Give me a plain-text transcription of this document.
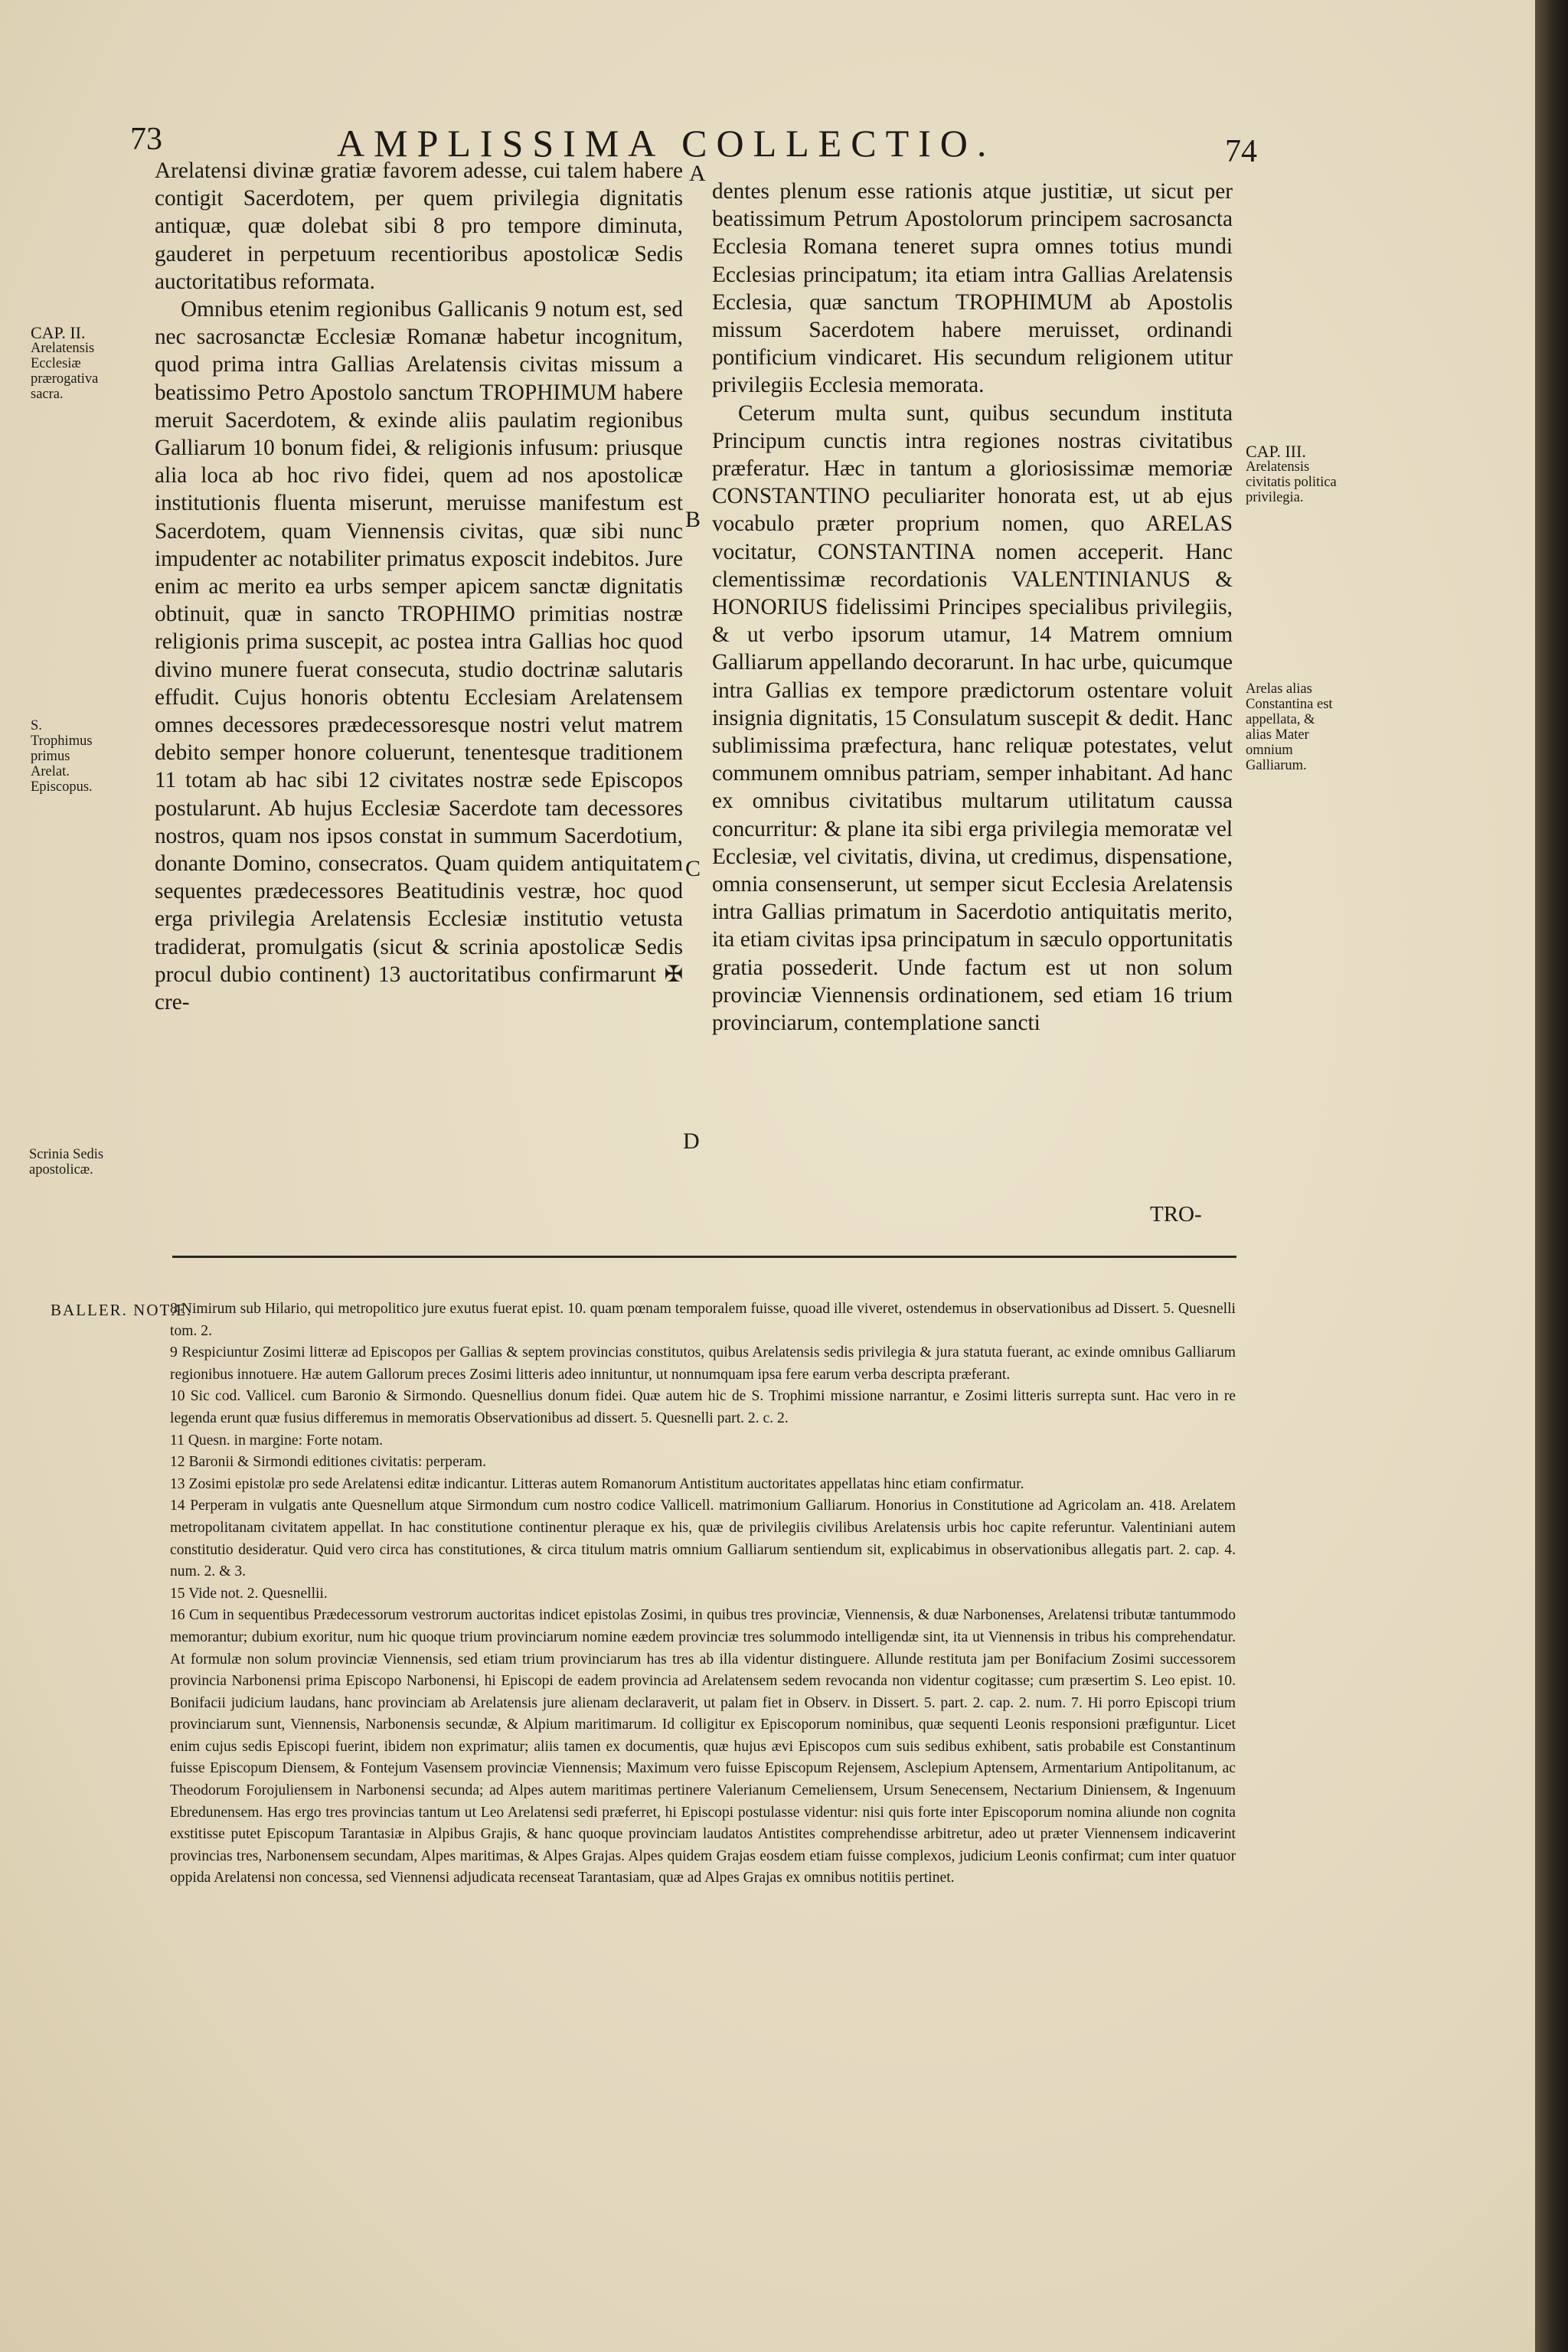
73	AMPLISSIMA COLLECTIO.	74
CAP. II.
Arelatensis Ecclesiæ prærogativa sacra.
S. Trophimus primus Arelat. Episcopus.
Scrinia Sedis apostolicæ.
CAP. III.
Arelatensis civitatis politica privilegia.
Arelas alias Constantina est appellata, & alias Mater omnium Galliarum.
A
B
C
D

Arelatensi divinæ gratiæ favorem adesse, cui talem habere contigit Sacerdotem, per quem privilegia dignitatis antiquæ, quæ dolebat sibi 8 pro tempore diminuta, gauderet in perpetuum recentioribus apostolicæ Sedis auctoritatibus reformata.

Omnibus etenim regionibus Gallicanis 9 notum est, sed nec sacrosanctæ Ecclesiæ Romanæ habetur incognitum, quod prima intra Gallias Arelatensis civitas missum a beatissimo Petro Apostolo sanctum TROPHIMUM habere meruit Sacerdotem, & exinde aliis paulatim regionibus Galliarum 10 bonum fidei, & religionis infusum: priusque alia loca ab hoc rivo fidei, quem ad nos apostolicæ institutionis fluenta miserunt, meruisse manifestum est Sacerdotem, quam Viennensis civitas, quæ sibi nunc impudenter ac notabiliter primatus exposcit indebitos. Jure enim ac merito ea urbs semper apicem sanctæ dignitatis obtinuit, quæ in sancto TROPHIMO primitias nostræ religionis prima suscepit, ac postea intra Gallias hoc quod divino munere fuerat consecuta, studio doctrinæ salutaris effudit. Cujus honoris obtentu Ecclesiam Arelatensem omnes decessores prædecessoresque nostri velut matrem debito semper honore coluerunt, tenentesque traditionem 11 totam ab hac sibi 12 civitates nostræ sede Episcopos postularunt. Ab hujus Ecclesiæ Sacerdote tam decessores nostros, quam nos ipsos constat in summum Sacerdotium, donante Domino, consecratos. Quam quidem antiquitatem sequentes prædecessores Beatitudinis vestræ, hoc quod erga privilegia Arelatensis Ecclesiæ institutio vetusta tradiderat, promulgatis (sicut & scrinia apostolicæ Sedis procul dubio continent) 13 auctoritatibus confirmarunt ✠ cre-

dentes plenum esse rationis atque justitiæ, ut sicut per beatissimum Petrum Apostolorum principem sacrosancta Ecclesia Romana teneret supra omnes totius mundi Ecclesias principatum; ita etiam intra Gallias Arelatensis Ecclesia, quæ sanctum TROPHIMUM ab Apostolis missum Sacerdotem habere meruisset, ordinandi pontificium vindicaret. His secundum religionem utitur privilegiis Ecclesia memorata.

Ceterum multa sunt, quibus secundum instituta Principum cunctis intra regiones nostras civitatibus præferatur. Hæc in tantum a gloriosissimæ memoriæ CONSTANTINO peculiariter honorata est, ut ab ejus vocabulo præter proprium nomen, quo ARELAS vocitatur, CONSTANTINA nomen acceperit. Hanc clementissimæ recordationis VALENTINIANUS & HONORIUS fidelissimi Principes specialibus privilegiis, & ut verbo ipsorum utamur, 14 Matrem omnium Galliarum appellando decorarunt. In hac urbe, quicumque intra Gallias ex tempore prædictorum ostentare voluit insignia dignitatis, 15 Consulatum suscepit & dedit. Hanc sublimissima præfectura, hanc reliquæ potestates, velut communem omnibus patriam, semper inhabitant. Ad hanc ex omnibus civitatibus multarum utilitatum caussa concurritur: & plane ita sibi erga privilegia memoratæ vel Ecclesiæ, vel civitatis, divina, ut credimus, dispensatione, omnia consenserunt, ut semper sicut Ecclesia Arelatensis intra Gallias primatum in Sacerdotio antiquitatis merito, ita etiam civitas ipsa principatum in sæculo opportunitatis gratia possederit. Unde factum est ut non solum provinciæ Viennensis ordinationem, sed etiam 16 trium provinciarum, contemplatione sancti

TRO-
BALLER. NOTÆ.

8 Nimirum sub Hilario, qui metropolitico jure exutus fuerat epist. 10. quam pœnam temporalem fuisse, quoad ille viveret, ostendemus in observationibus ad Dissert. 5. Quesnelli tom. 2.

9 Respiciuntur Zosimi litteræ ad Episcopos per Gallias & septem provincias constitutos, quibus Arelatensis sedis privilegia & jura statuta fuerant, ac exinde omnibus Galliarum regionibus innotuere. Hæ autem Gallorum preces Zosimi litteris adeo innituntur, ut nonnumquam ipsa fere earum verba descripta præferant.

10 Sic cod. Vallicel. cum Baronio & Sirmondo. Quesnellius donum fidei. Quæ autem hic de S. Trophimi missione narrantur, e Zosimi litteris surrepta sunt. Hac vero in re legenda erunt quæ fusius differemus in memoratis Observationibus ad dissert. 5. Quesnelli part. 2. c. 2.

11 Quesn. in margine: Forte notam.

12 Baronii & Sirmondi editiones civitatis: perperam.

13 Zosimi epistolæ pro sede Arelatensi editæ indicantur. Litteras autem Romanorum Antistitum auctoritates appellatas hinc etiam confirmatur.

14 Perperam in vulgatis ante Quesnellum atque Sirmondum cum nostro codice Vallicell. matrimonium Galliarum. Honorius in Constitutione ad Agricolam an. 418. Arelatem metropolitanam civitatem appellat. In hac constitutione continentur pleraque ex his, quæ de privilegiis civilibus Arelatensis urbis hoc capite referuntur. Valentiniani autem constitutio desideratur. Quid vero circa has constitutiones, & circa titulum matris omnium Galliarum sentiendum sit, explicabimus in observationibus allegatis part. 2. cap. 4. num. 2. & 3.

15 Vide not. 2. Quesnellii.

16 Cum in sequentibus Prædecessorum vestrorum auctoritas indicet epistolas Zosimi, in quibus tres provinciæ, Viennensis, & duæ Narbonenses, Arelatensi tributæ tantummodo memorantur; dubium exoritur, num hic quoque trium provinciarum nomine eædem provinciæ tres solummodo intelligendæ sint, ita ut Viennensis in tribus his comprehendatur. At formulæ non solum provinciæ Viennensis, sed etiam trium provinciarum has tres ab illa videntur distinguere. Allunde restituta jam per Bonifacium Zosimi successorem provincia Narbonensi prima Episcopo Narbonensi, hi Episcopi de eadem provincia ad Arelatensem sedem revocanda non videntur cogitasse; cum præsertim S. Leo epist. 10. Bonifacii judicium laudans, hanc provinciam ab Arelatensis jure alienam declaraverit, ut palam fiet in Observ. in Dissert. 5. part. 2. cap. 2. num. 7. Hi porro Episcopi trium provinciarum sunt, Viennensis, Narbonensis secundæ, & Alpium maritimarum. Id colligitur ex Episcoporum nominibus, quæ sequenti Leonis responsioni præfiguntur. Licet enim cujus sedis Episcopi fuerint, ibidem non exprimatur; aliis tamen ex documentis, quæ hujus ævi Episcopos cum suis sedibus exhibent, satis probabile est Constantinum fuisse Episcopum Diensem, & Fontejum Vasensem provinciæ Viennensis; Maximum vero fuisse Episcopum Rejensem, Asclepium Aptensem, Armentarium Antipolitanum, ac Theodorum Forojuliensem in Narbonensi secunda; ad Alpes autem maritimas pertinere Valerianum Cemeliensem, Ursum Senecensem, Nectarium Diniensem, & Ingenuum Ebredunensem. Has ergo tres provincias tantum ut Leo Arelatensi sedi præferret, hi Episcopi postulasse videntur: nisi quis forte inter Episcoporum nomina aliunde non cognita exstitisse putet Episcopum Tarantasiæ in Alpibus Grajis, & hanc quoque provinciam laudatos Antistites comprehendisse arbitretur, adeo ut præter Viennensem indicaverint provincias tres, Narbonensem secundam, Alpes maritimas, & Alpes Grajas. Alpes quidem Grajas eosdem etiam fuisse complexos, judicium Leonis confirmat; cum inter quatuor oppida Arelatensi non concessa, sed Viennensi adjudicata recenseat Tarantasiam, quæ ad Alpes Grajas ex omnibus notitiis pertinet.
